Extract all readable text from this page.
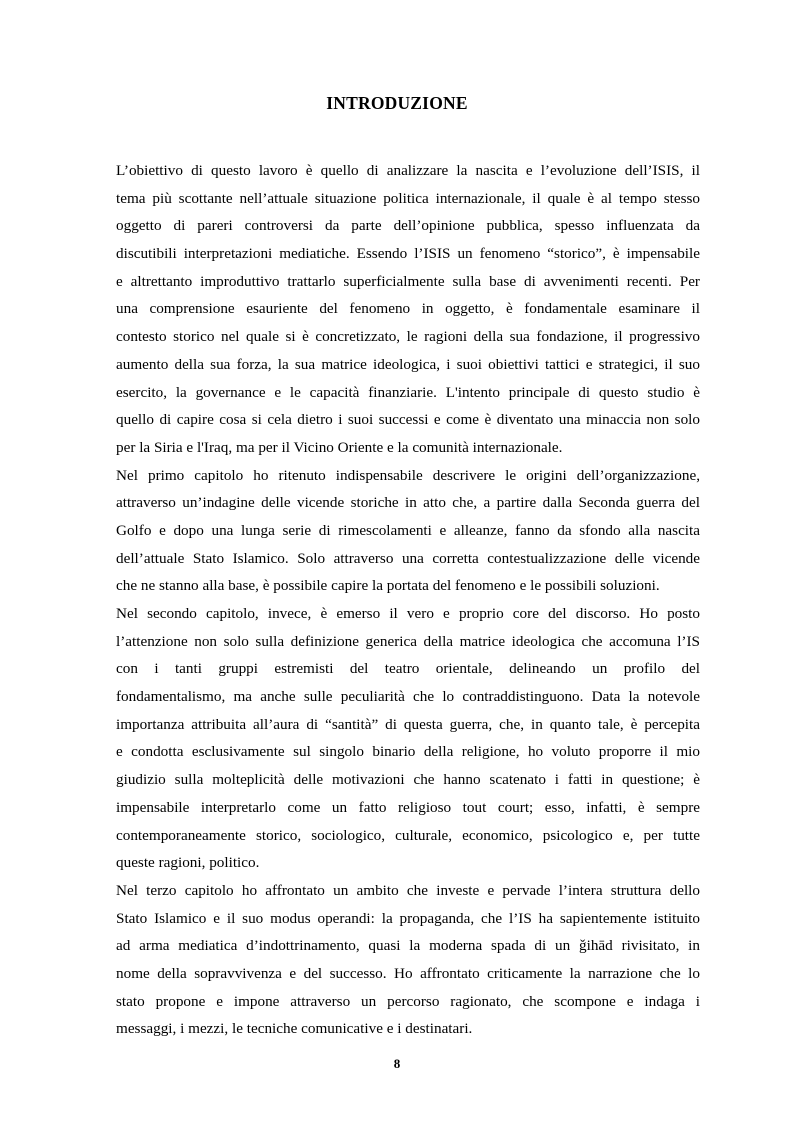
INTRODUZIONE
L’obiettivo di questo lavoro è quello di analizzare la nascita e l’evoluzione dell’ISIS, il
tema più scottante nell’attuale situazione politica internazionale, il quale è al tempo stesso
oggetto di pareri controversi da parte dell’opinione pubblica, spesso influenzata da
discutibili interpretazioni mediatiche. Essendo l’ISIS un fenomeno “storico”, è impensabile
e altrettanto improduttivo trattarlo superficialmente sulla base di avvenimenti recenti. Per
una comprensione esauriente del fenomeno in oggetto, è fondamentale esaminare il
contesto storico nel quale si è concretizzato, le ragioni della sua fondazione, il progressivo
aumento della sua forza, la sua matrice ideologica, i suoi obiettivi tattici e strategici, il suo
esercito, la governance e le capacità finanziarie. L'intento principale di questo studio è
quello di capire cosa si cela dietro i suoi successi e come è diventato una minaccia non solo
per la Siria e l'Iraq, ma per il Vicino Oriente e la comunità internazionale.
Nel primo capitolo ho ritenuto indispensabile descrivere le origini dell’organizzazione,
attraverso un’indagine delle vicende storiche in atto che, a partire dalla Seconda guerra del
Golfo e dopo una lunga serie di rimescolamenti e alleanze, fanno da sfondo alla nascita
dell’attuale Stato Islamico. Solo attraverso una corretta contestualizzazione delle vicende
che ne stanno alla base, è possibile capire la portata del fenomeno e le possibili soluzioni.
Nel secondo capitolo, invece, è emerso il vero e proprio core del discorso. Ho posto
l’attenzione non solo sulla definizione generica della matrice ideologica che accomuna l’IS
con i tanti gruppi estremisti del teatro orientale, delineando un profilo del
fondamentalismo, ma anche sulle peculiarità che lo contraddistinguono. Data la notevole
importanza attribuita all’aura di “santità” di questa guerra, che, in quanto tale, è percepita
e condotta esclusivamente sul singolo binario della religione, ho voluto proporre il mio
giudizio sulla molteplicità delle motivazioni che hanno scatenato i fatti in questione; è
impensabile interpretarlo come un fatto religioso tout court; esso, infatti, è sempre
contemporaneamente storico, sociologico, culturale, economico, psicologico e, per tutte
queste ragioni, politico.
Nel terzo capitolo ho affrontato un ambito che investe e pervade l’intera struttura dello
Stato Islamico e il suo modus operandi: la propaganda, che l’IS ha sapientemente istituito
ad arma mediatica d’indottrinamento, quasi la moderna spada di un ǧihād rivisitato, in
nome della sopravvivenza e del successo. Ho affrontato criticamente la narrazione che lo
stato propone e impone attraverso un percorso ragionato, che scompone e indaga i
messaggi, i mezzi, le tecniche comunicative e i destinatari.
8
